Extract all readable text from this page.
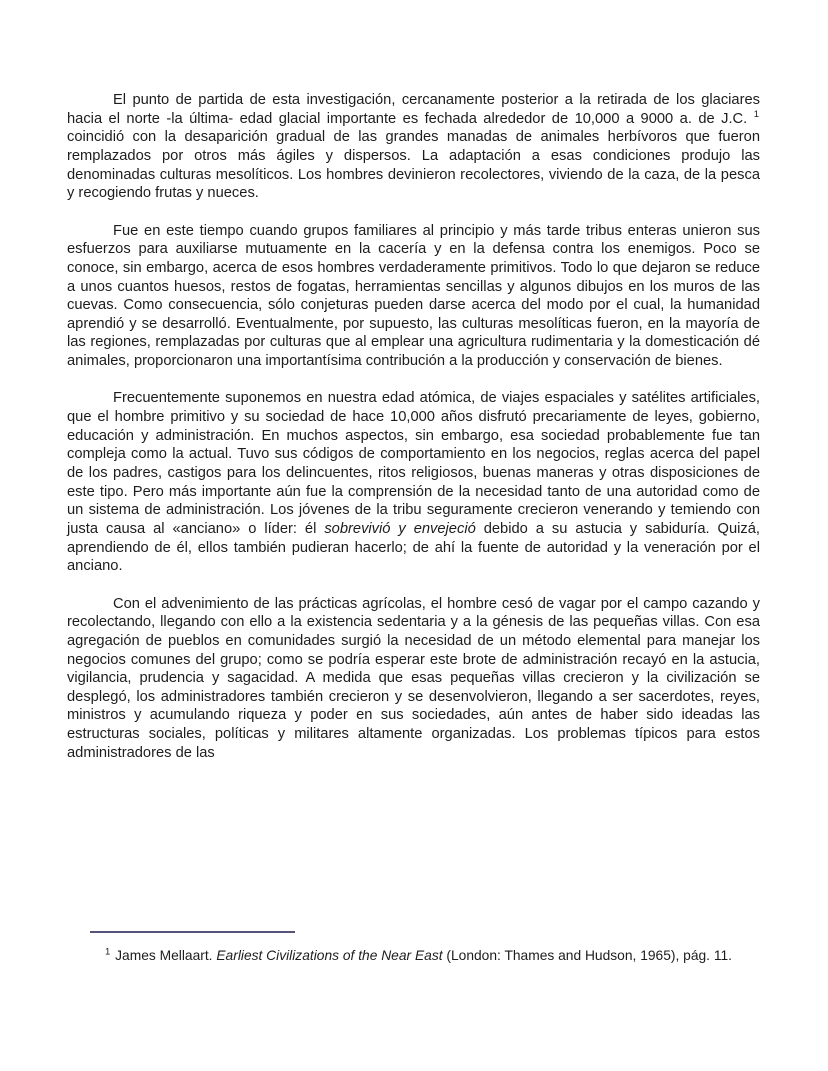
El punto de partida de esta investigación, cercanamente posterior a la retirada de los glaciares hacia el norte -la última- edad glacial importante es fechada alrededor de 10,000 a 9000 a. de J.C. $^1$ coincidió con la desaparición gradual de las grandes manadas de animales herbívoros que fueron remplazados por otros más ágiles y dispersos. La adaptación a esas condiciones produjo las denominadas culturas mesolíticos. Los hombres devinieron recolectores, viviendo de la caza, de la pesca y recogiendo frutas y nueces.

Fue en este tiempo cuando grupos familiares al principio y más tarde tribus enteras unieron sus esfuerzos para auxiliarse mutuamente en la cacería y en la defensa contra los enemigos. Poco se conoce, sin embargo, acerca de esos hombres verdaderamente primitivos. Todo lo que dejaron se reduce a unos cuantos huesos, restos de fogatas, herramientas sencillas y algunos dibujos en los muros de las cuevas. Como consecuencia, sólo conjeturas pueden darse acerca del modo por el cual, la humanidad aprendió y se desarrolló. Eventualmente, por supuesto, las culturas mesolíticas fueron, en la mayoría de las regiones, remplazadas por culturas que al emplear una agricultura rudimentaria y la domesticación dé animales, proporcionaron una importantísima contribución a la producción y conservación de bienes.

Frecuentemente suponemos en nuestra edad atómica, de viajes espaciales y satélites artificiales, que el hombre primitivo y su sociedad de hace 10,000 años disfrutó precariamente de leyes, gobierno, educación y administración. En muchos aspectos, sin embargo, esa sociedad probablemente fue tan compleja como la actual. Tuvo sus códigos de comportamiento en los negocios, reglas acerca del papel de los padres, castigos para los delincuentes, ritos religiosos, buenas maneras y otras disposiciones de este tipo. Pero más importante aún fue la comprensión de la necesidad tanto de una autoridad como de un sistema de administración. Los jóvenes de la tribu seguramente crecieron venerando y temiendo con justa causa al «anciano» o líder: él sobrevivió y envejeció debido a su astucia y sabiduría. Quizá, aprendiendo de él, ellos también pudieran hacerlo; de ahí la fuente de autoridad y la veneración por el anciano.

Con el advenimiento de las prácticas agrícolas, el hombre cesó de vagar por el campo cazando y recolectando, llegando con ello a la existencia sedentaria y a la génesis de las pequeñas villas. Con esa agregación de pueblos en comunidades surgió la necesidad de un método elemental para manejar los negocios comunes del grupo; como se podría esperar este brote de administración recayó en la astucia, vigilancia, prudencia y sagacidad. A medida que esas pequeñas villas crecieron y la civilización se desplegó, los administradores también crecieron y se desenvolvieron, llegando a ser sacerdotes, reyes, ministros y acumulando riqueza y poder en sus sociedades, aún antes de haber sido ideadas las estructuras sociales, políticas y militares altamente organizadas. Los problemas típicos para estos administradores de las

$^1$ James Mellaart. Earliest Civilizations of the Near East (London: Thames and Hudson, 1965), pág. 11.
